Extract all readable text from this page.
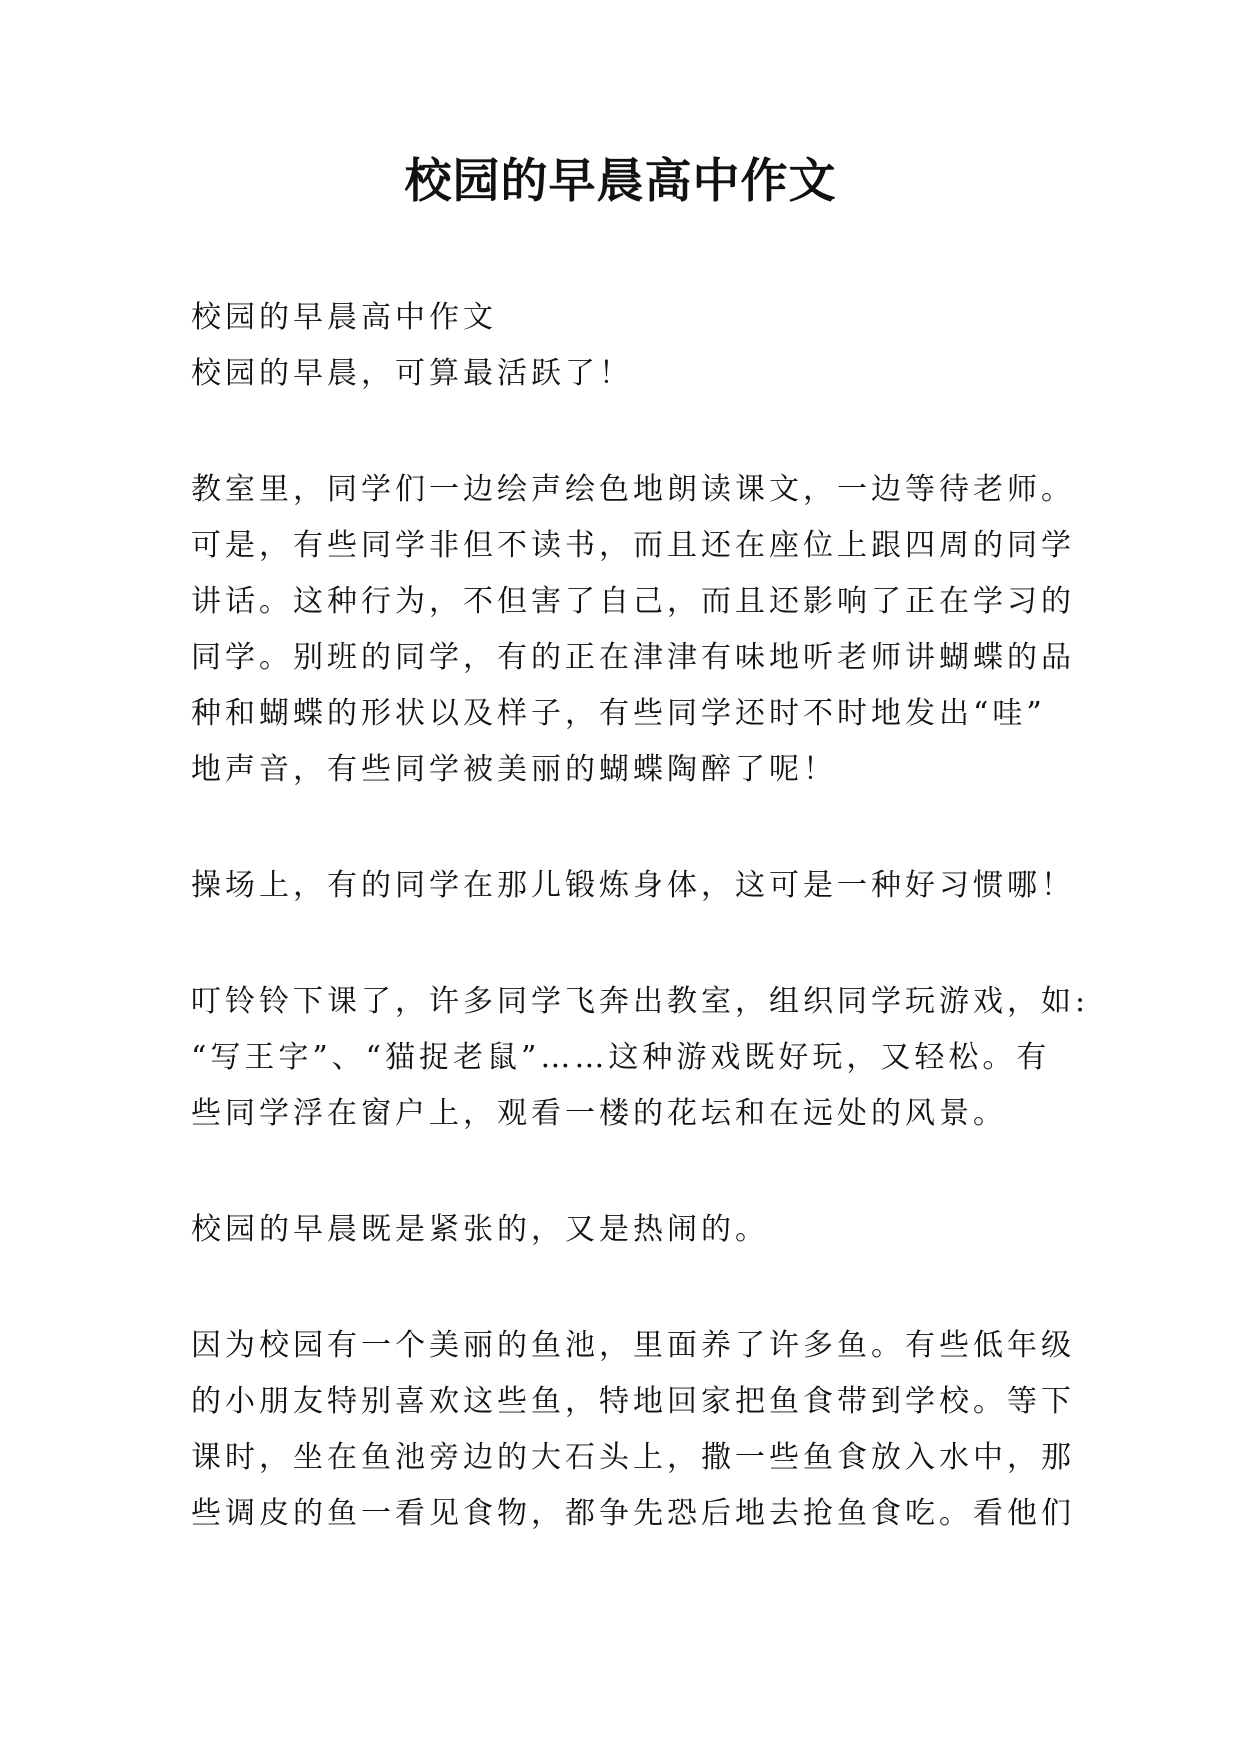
校园的早晨高中作文

校园的早晨高中作文
校园的早晨，可算最活跃了！

教室里，同学们一边绘声绘色地朗读课文，一边等待老师。
可是，有些同学非但不读书，而且还在座位上跟四周的同学
讲话。这种行为，不但害了自己，而且还影响了正在学习的
同学。别班的同学，有的正在津津有味地听老师讲蝴蝶的品
种和蝴蝶的形状以及样子，有些同学还时不时地发出“哇”
地声音，有些同学被美丽的蝴蝶陶醉了呢！

操场上，有的同学在那儿锻炼身体，这可是一种好习惯哪！

叮铃铃下课了，许多同学飞奔出教室，组织同学玩游戏，如:
“写王字”、“猫捉老鼠”……这种游戏既好玩，又轻松。有
些同学浮在窗户上，观看一楼的花坛和在远处的风景。

校园的早晨既是紧张的，又是热闹的。

因为校园有一个美丽的鱼池，里面养了许多鱼。有些低年级
的小朋友特别喜欢这些鱼，特地回家把鱼食带到学校。等下
课时，坐在鱼池旁边的大石头上，撒一些鱼食放入水中，那
些调皮的鱼一看见食物，都争先恐后地去抢鱼食吃。看他们
